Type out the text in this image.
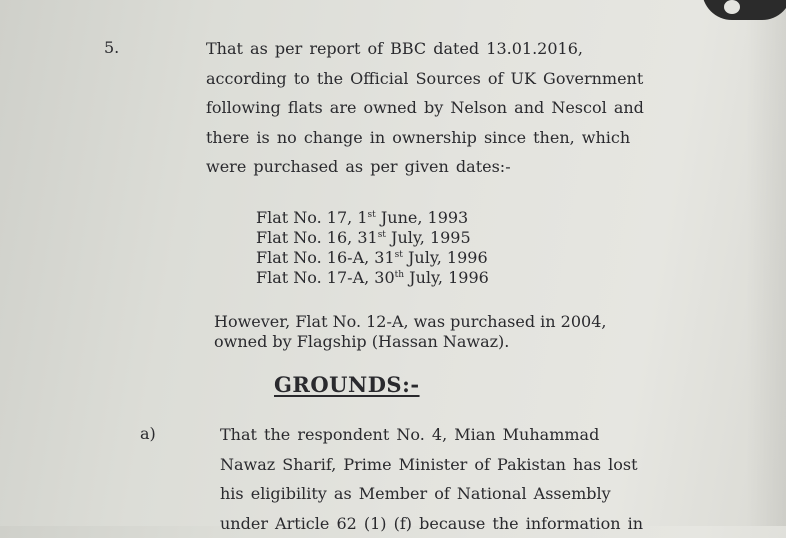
5.	That as per report of BBC dated 13.01.2016,
according to the Official Sources of UK Government
following flats are owned by Nelson and Nescol and
there is no change in ownership since then, which
were purchased as per given dates:-

Flat No. 17, 1st June, 1993
Flat No. 16, 31st July, 1995
Flat No. 16-A, 31st July, 1996
Flat No. 17-A, 30th July, 1996

However, Flat No. 12-A, was purchased in 2004,
owned by Flagship (Hassan Nawaz).

GROUNDS:-
a)	That the respondent No. 4, Mian Muhammad
Nawaz Sharif, Prime Minister of Pakistan has lost
his eligibility as Member of National Assembly
under Article 62 (1) (f) because the information in
